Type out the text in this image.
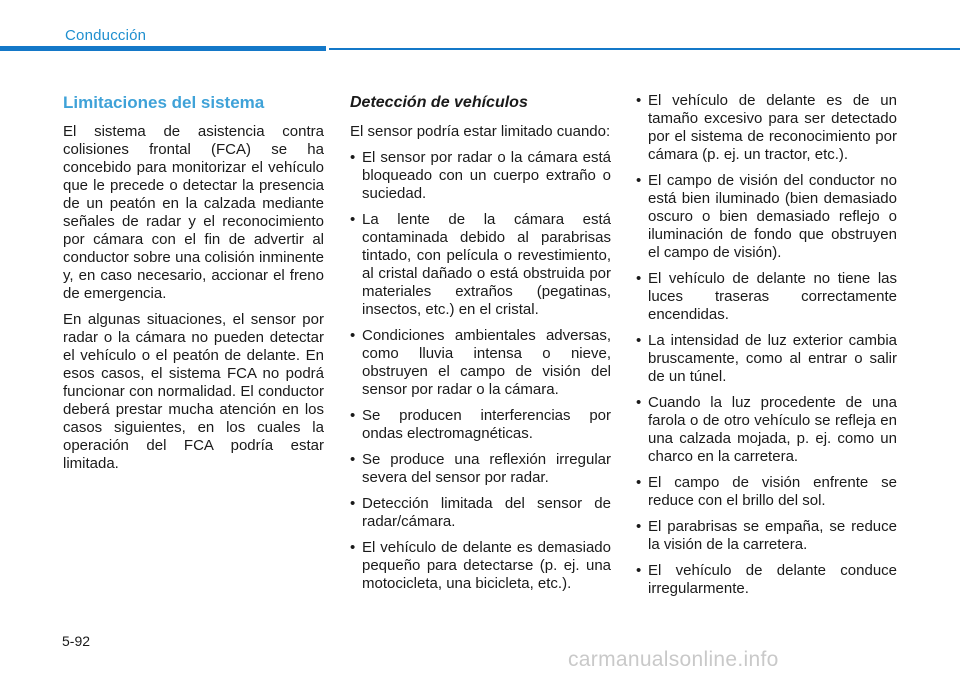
Conducción
Limitaciones del sistema

El sistema de asistencia contra colisiones frontal (FCA) se ha concebido para monitorizar el vehículo que le precede o detectar la presencia de un peatón en la calzada mediante señales de radar y el reconocimiento por cámara con el fin de advertir al conductor sobre una colisión inminente y, en caso necesario, accionar el freno de emergencia.

En algunas situaciones, el sensor por radar o la cámara no pueden detectar el vehículo o el peatón de delante. En esos casos, el sistema FCA no podrá funcionar con normalidad. El conductor deberá prestar mucha atención en los casos siguientes, en los cuales la operación del FCA podría estar limitada.

Detección de vehículos

El sensor podría estar limitado cuando:

• El sensor por radar o la cámara está bloqueado con un cuerpo extraño o suciedad.
• La lente de la cámara está contaminada debido al parabrisas tintado, con película o revestimiento, al cristal dañado o está obstruida por materiales extraños (pegatinas, insectos, etc.) en el cristal.
• Condiciones ambientales adversas, como lluvia intensa o nieve, obstruyen el campo de visión del sensor por radar o la cámara.
• Se producen interferencias por ondas electromagnéticas.
• Se produce una reflexión irregular severa del sensor por radar.
• Detección limitada del sensor de radar/cámara.
• El vehículo de delante es demasiado pequeño para detectarse (p. ej. una motocicleta, una bicicleta, etc.).
• El vehículo de delante es de un tamaño excesivo para ser detectado por el sistema de reconocimiento por cámara (p. ej. un tractor, etc.).
• El campo de visión del conductor no está bien iluminado (bien demasiado oscuro o bien demasiado reflejo o iluminación de fondo que obstruyen el campo de visión).
• El vehículo de delante no tiene las luces traseras correctamente encendidas.
• La intensidad de luz exterior cambia bruscamente, como al entrar o salir de un túnel.
• Cuando la luz procedente de una farola o de otro vehículo se refleja en una calzada mojada, p. ej. como un charco en la carretera.
• El campo de visión enfrente se reduce con el brillo del sol.
• El parabrisas se empaña, se reduce la visión de la carretera.
• El vehículo de delante conduce irregularmente.
5-92
carmanualsonline.info
